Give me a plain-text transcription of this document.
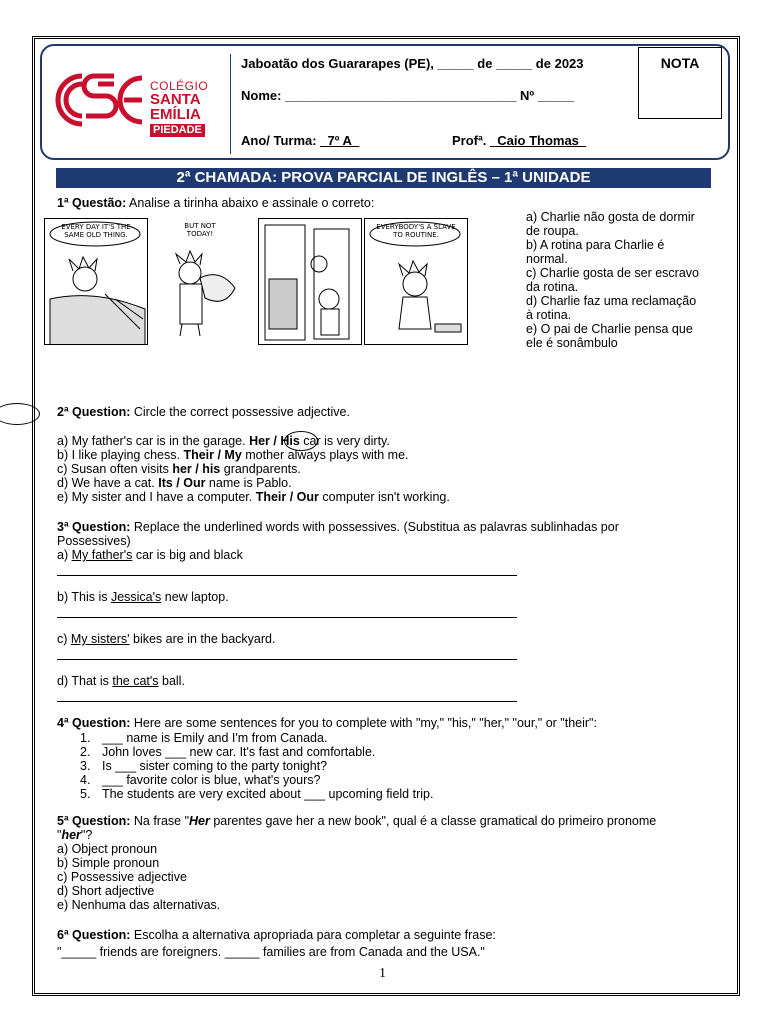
COLÉGIO
SANTA
EMÍLIA
PIEDADE
Jaboatão dos Guararapes (PE), _____ de _____ de 2023
Nome: ________________________________ Nº _____
Ano/ Turma: _7º A_	Profª. _Caio Thomas_
NOTA
2ª CHAMADA: PROVA PARCIAL DE INGLÊS – 1ª UNIDADE
1ª Questão: Analise a tirinha abaixo e assinale o correto:
EVERY DAY IT'S THE SAME OLD THING.
BUT NOT TODAY!
EVERYBODY'S A SLAVE TO ROUTINE.
a) Charlie não gosta de dormir
de roupa.
b) A rotina para Charlie é
normal.
c) Charlie gosta de ser escravo
da rotina.
d) Charlie faz uma reclamação
à rotina.
e) O pai de Charlie pensa que
ele é sonâmbulo
2ª Question: Circle the correct possessive adjective.
a) My father's car is in the garage. Her / His car is very dirty.
b) I like playing chess. Their / My mother always plays with me.
c) Susan often visits her / his grandparents.
d) We have a cat. Its / Our name is Pablo.
e) My sister and I have a computer. Their / Our computer isn't working.
3ª Question: Replace the underlined words with possessives. (Substitua as palavras sublinhadas por
Possessives)
a) My father's car is big and black
b) This is Jessica's new laptop.
c) My sisters' bikes are in the backyard.
d) That is the cat's ball.
4ª Question: Here are some sentences for you to complete with "my," "his," "her," "our," or "their":
1. ___ name is Emily and I'm from Canada.
2. John loves ___ new car. It's fast and comfortable.
3. Is ___ sister coming to the party tonight?
4. ___ favorite color is blue, what's yours?
5. The students are very excited about ___ upcoming field trip.
5ª Question: Na frase "Her parentes gave her a new book", qual é a classe gramatical do primeiro pronome
"her"?
a) Object pronoun
b) Simple pronoun
c) Possessive adjective
d) Short adjective
e) Nenhuma das alternativas.
6ª Question: Escolha a alternativa apropriada para completar a seguinte frase:
"_____ friends are foreigners. _____ families are from Canada and the USA."
1
